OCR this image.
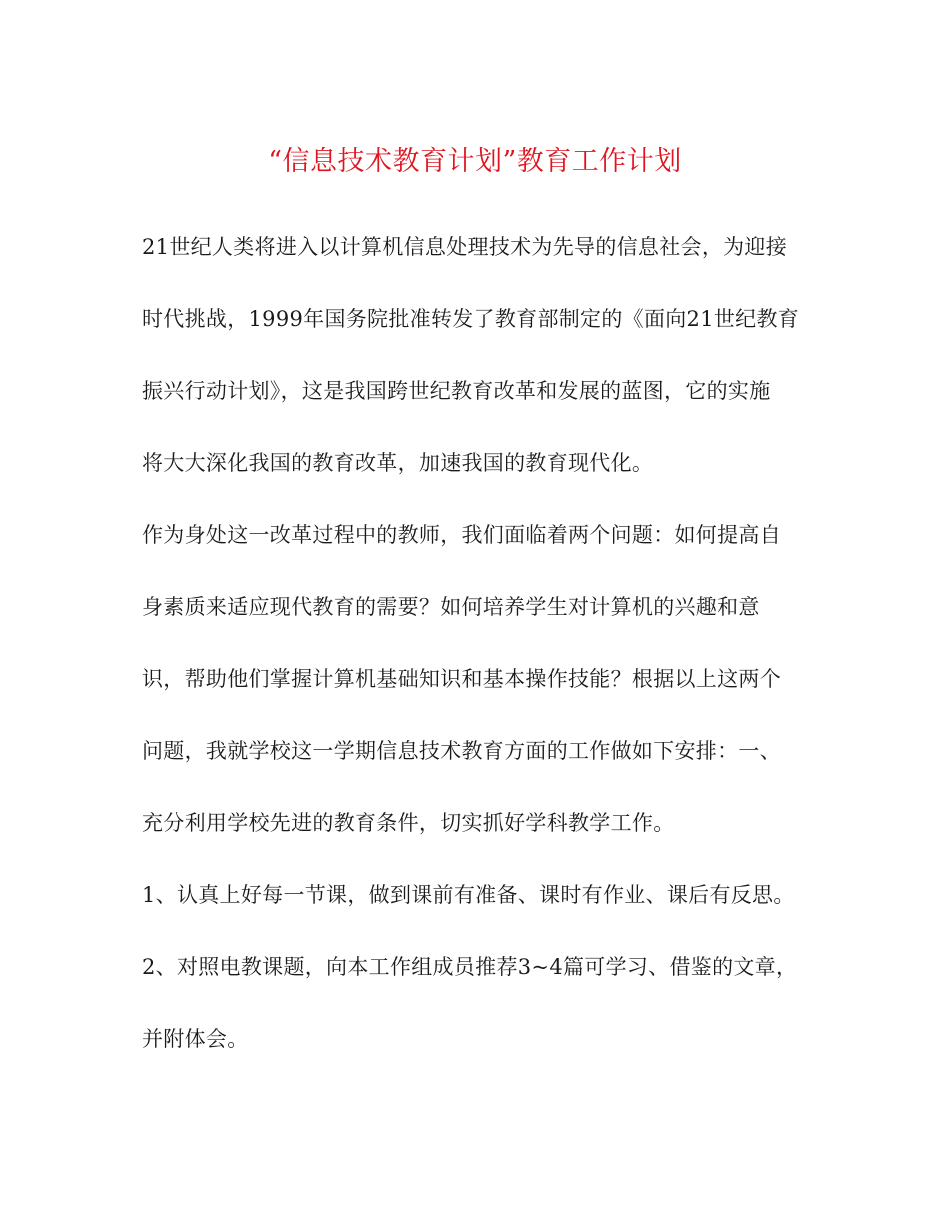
“信息技术教育计划”教育工作计划
21世纪人类将进入以计算机信息处理技术为先导的信息社会，为迎接
时代挑战，1999年国务院批准转发了教育部制定的《面向21世纪教育
振兴行动计划》，这是我国跨世纪教育改革和发展的蓝图，它的实施
将大大深化我国的教育改革，加速我国的教育现代化。
作为身处这一改革过程中的教师，我们面临着两个问题：如何提高自
身素质来适应现代教育的需要？如何培养学生对计算机的兴趣和意
识，帮助他们掌握计算机基础知识和基本操作技能？根据以上这两个
问题，我就学校这一学期信息技术教育方面的工作做如下安排：一、
充分利用学校先进的教育条件，切实抓好学科教学工作。
1、认真上好每一节课，做到课前有准备、课时有作业、课后有反思。
2、对照电教课题，向本工作组成员推荐3~4篇可学习、借鉴的文章，
并附体会。
